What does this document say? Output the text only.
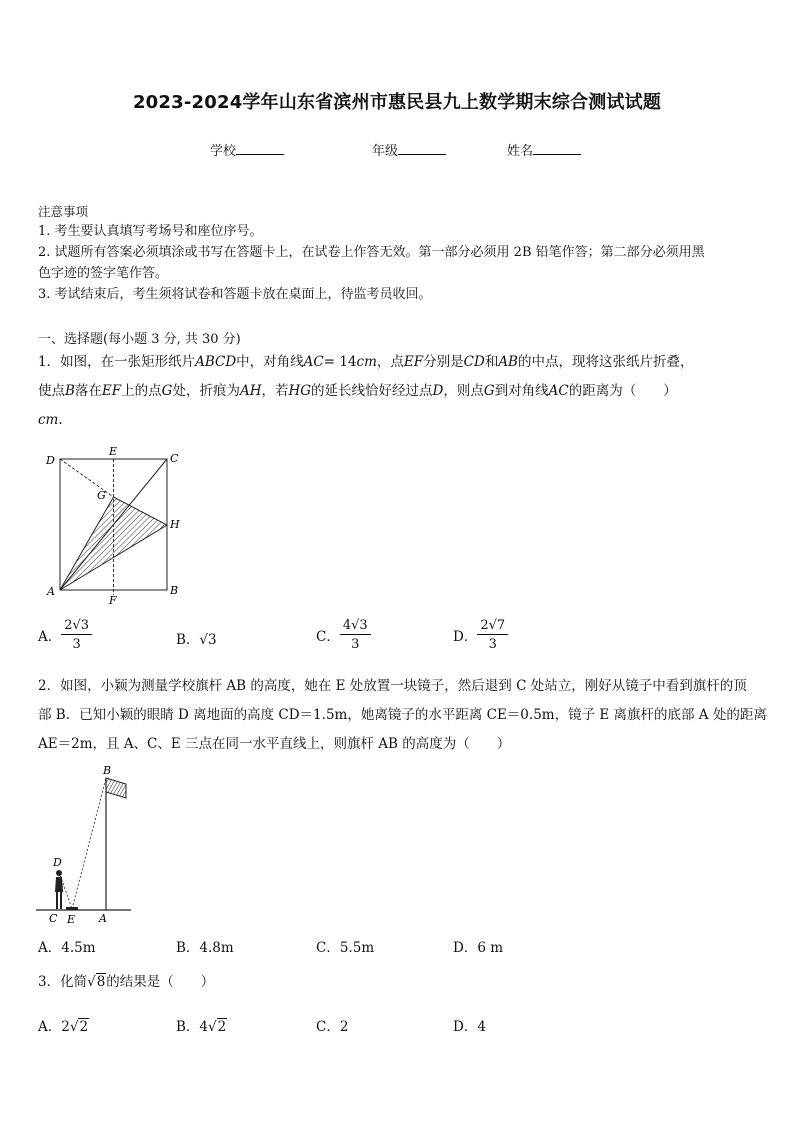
2023-2024学年山东省滨州市惠民县九上数学期末综合测试试题
学校	年级	姓名
注意事项
1. 考生要认真填写考场号和座位序号。
2. 试题所有答案必须填涂或书写在答题卡上，在试卷上作答无效。第一部分必须用 2B 铅笔作答；第二部分必须用黑
色字迹的签字笔作答。
3. 考试结束后，考生须将试卷和答题卡放在桌面上，待监考员收回。
一、选择题(每小题 3 分, 共 30 分)
1．如图，在一张矩形纸片ABCD中，对角线AC= 14cm，点EF分别是CD和AB的中点，现将这张纸片折叠，
使点B落在EF上的点G处，折痕为AH，若HG的延长线恰好经过点D，则点G到对角线AC的距离为（　　）
cm.
D
E
C
G
H
A
F
B
A． $\frac{2√3}{3}$	B．√3	C． $\frac{4√3}{3}$	D． $\frac{2√7}{3}$
2．如图，小颖为测量学校旗杆 AB 的高度，她在 E 处放置一块镜子，然后退到 C 处站立，刚好从镜子中看到旗杆的顶
部 B．已知小颖的眼睛 D 离地面的高度 CD＝1.5m，她离镜子的水平距离 CE＝0.5m，镜子 E 离旗杆的底部 A 处的距离
AE＝2m，且 A、C、E 三点在同一水平直线上，则旗杆 AB 的高度为（　　）
B
D
C E A
A．4.5m	B．4.8m	C．5.5m	D．6 m
3．化简√8的结果是（　　）
A．2√2	B．4√2	C．2	D．4
